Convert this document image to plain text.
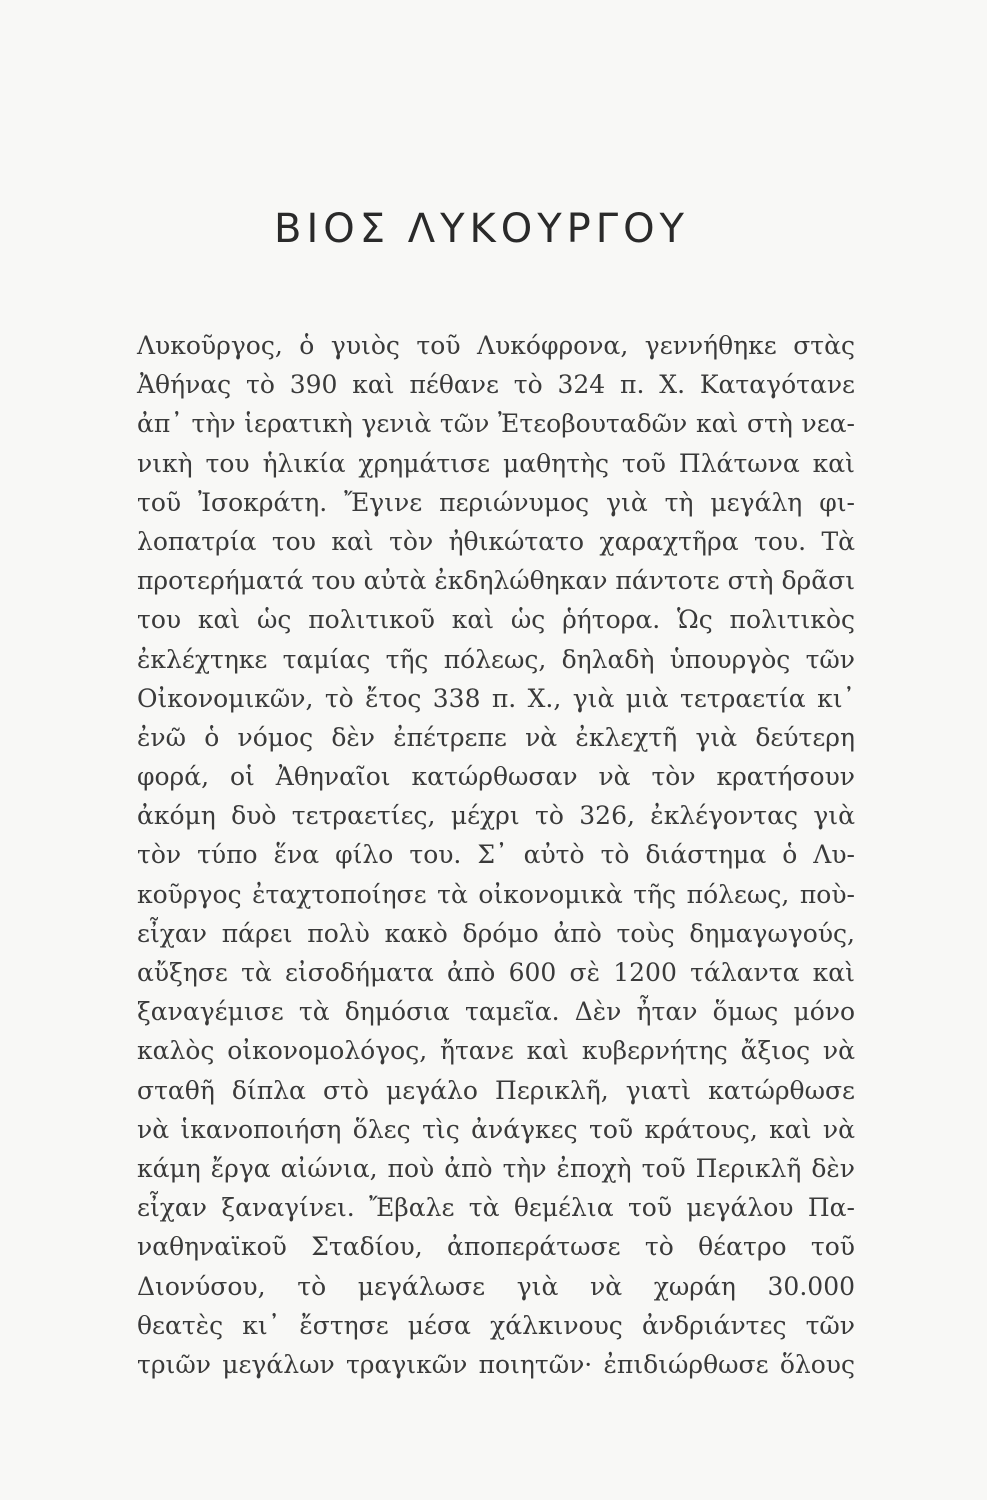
ΒΙΟΣ ΛΥΚΟΥΡΓΟΥ
Λυκοῦργος, ὁ γυιὸς τοῦ Λυκόφρονα, γεννήθηκε στὰς
Ἀθήνας τὸ 390 καὶ πέθανε τὸ 324 π. Χ. Καταγότανε
ἀπ᾽ τὴν ἱερατικὴ γενιὰ τῶν Ἐτεοβουταδῶν καὶ στὴ νεα-
νικὴ του ἡλικία χρημάτισε μαθητὴς τοῦ Πλάτωνα καὶ
τοῦ Ἰσοκράτη. Ἔγινε περιώνυμος γιὰ τὴ μεγάλη φι-
λοπατρία του καὶ τὸν ἠθικώτατο χαραχτῆρα του. Τὰ
προτερήματά του αὐτὰ ἐκδηλώθηκαν πάντοτε στὴ δρᾶσι
του καὶ ὡς πολιτικοῦ καὶ ὡς ῥήτορα. Ὡς πολιτικὸς
ἐκλέχτηκε ταμίας τῆς πόλεως, δηλαδὴ ὑπουργὸς τῶν
Οἰκονομικῶν, τὸ ἔτος 338 π. Χ., γιὰ μιὰ τετραετία κι᾽
ἐνῶ ὁ νόμος δὲν ἐπέτρεπε νὰ ἐκλεχτῆ γιὰ δεύτερη
φορά, οἱ Ἀθηναῖοι κατώρθωσαν νὰ τὸν κρατήσουν
ἀκόμη δυὸ τετραετίες, μέχρι τὸ 326, ἐκλέγοντας γιὰ
τὸν τύπο ἕνα φίλο του. Σ᾽ αὐτὸ τὸ διάστημα ὁ Λυ-
κοῦργος ἐταχτοποίησε τὰ οἰκονομικὰ τῆς πόλεως, ποὺ-
εἶχαν πάρει πολὺ κακὸ δρόμο ἀπὸ τοὺς δημαγωγούς,
αὔξησε τὰ εἰσοδήματα ἀπὸ 600 σὲ 1200 τάλαντα καὶ
ξαναγέμισε τὰ δημόσια ταμεῖα. Δὲν ἦταν ὅμως μόνο
καλὸς οἰκονομολόγος, ἤτανε καὶ κυβερνήτης ἄξιος νὰ
σταθῆ δίπλα στὸ μεγάλο Περικλῆ, γιατὶ κατώρθωσε
νὰ ἱκανοποιήση ὅλες τὶς ἀνάγκες τοῦ κράτους, καὶ νὰ
κάμη ἔργα αἰώνια, ποὺ ἀπὸ τὴν ἐποχὴ τοῦ Περικλῆ δὲν
εἶχαν ξαναγίνει. Ἔβαλε τὰ θεμέλια τοῦ μεγάλου Πα-
ναθηναϊκοῦ Σταδίου, ἀποπεράτωσε τὸ θέατρο τοῦ
Διονύσου, τὸ μεγάλωσε γιὰ νὰ χωράη 30.000
θεατὲς κι᾽ ἔστησε μέσα χάλκινους ἀνδριάντες τῶν
τριῶν μεγάλων τραγικῶν ποιητῶν· ἐπιδιώρθωσε ὅλους
